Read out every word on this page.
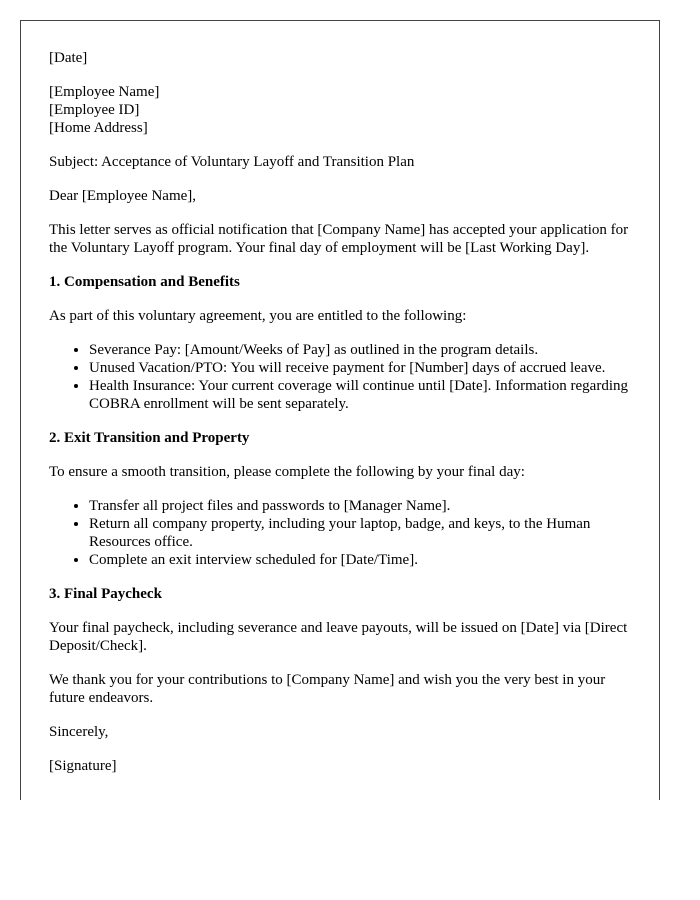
[Date]

[Employee Name]
[Employee ID]
[Home Address]

Subject: Acceptance of Voluntary Layoff and Transition Plan

Dear [Employee Name],

This letter serves as official notification that [Company Name] has accepted your application for the Voluntary Layoff program. Your final day of employment will be [Last Working Day].

1. Compensation and Benefits

As part of this voluntary agreement, you are entitled to the following:

• Severance Pay: [Amount/Weeks of Pay] as outlined in the program details.
• Unused Vacation/PTO: You will receive payment for [Number] days of accrued leave.
• Health Insurance: Your current coverage will continue until [Date]. Information regarding COBRA enrollment will be sent separately.
2. Exit Transition and Property

To ensure a smooth transition, please complete the following by your final day:

• Transfer all project files and passwords to [Manager Name].
• Return all company property, including your laptop, badge, and keys, to the Human Resources office.
• Complete an exit interview scheduled for [Date/Time].
3. Final Paycheck

Your final paycheck, including severance and leave payouts, will be issued on [Date] via [Direct Deposit/Check].

We thank you for your contributions to [Company Name] and wish you the very best in your future endeavors.

Sincerely,

[Signature]
